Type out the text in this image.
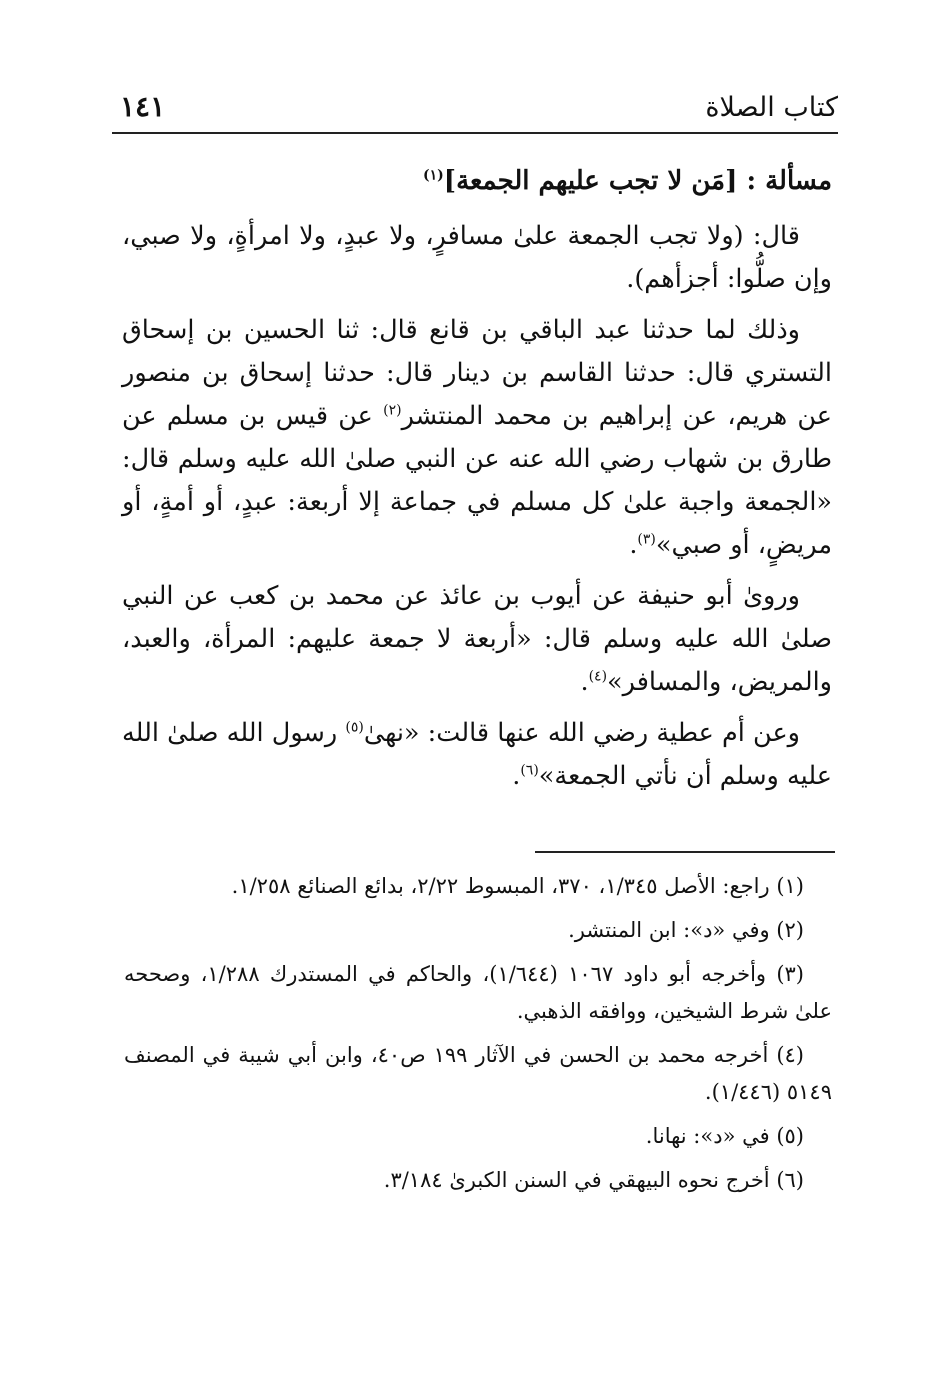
كتاب الصلاة
١٤١

مسألة : [مَن لا تجب عليهم الجمعة]$^{(١)}$

قال: (ولا تجب الجمعة علىٰ مسافرٍ، ولا عبدٍ، ولا امرأةٍ، ولا صبي، وإن صلُّوا: أجزأهم).

وذلك لما حدثنا عبد الباقي بن قانع قال: ثنا الحسين بن إسحاق التستري قال: حدثنا القاسم بن دينار قال: حدثنا إسحاق بن منصور عن هريم، عن إبراهيم بن محمد المنتشر$^{(٢)}$ عن قيس بن مسلم عن طارق بن شهاب رضي الله عنه عن النبي صلىٰ الله عليه وسلم قال: «الجمعة واجبة علىٰ كل مسلم في جماعة إلا أربعة: عبدٍ، أو أمةٍ، أو مريضٍ، أو صبي»$^{(٣)}$.

وروىٰ أبو حنيفة عن أيوب بن عائذ عن محمد بن كعب عن النبي صلىٰ الله عليه وسلم قال: «أربعة لا جمعة عليهم: المرأة، والعبد، والمريض، والمسافر»$^{(٤)}$.

وعن أم عطية رضي الله عنها قالت: «نهىٰ$^{(٥)}$ رسول الله صلىٰ الله عليه وسلم أن نأتي الجمعة»$^{(٦)}$.

(١) راجع: الأصل ١/٣٤٥، ٣٧٠، المبسوط ٢/٢٢، بدائع الصنائع ١/٢٥٨.

(٢) وفي «د»: ابن المنتشر.

(٣) وأخرجه أبو داود ١٠٦٧ (١/٦٤٤)، والحاكم في المستدرك ١/٢٨٨، وصححه علىٰ شرط الشيخين، ووافقه الذهبي.

(٤) أخرجه محمد بن الحسن في الآثار ١٩٩ ص٤٠، وابن أبي شيبة في المصنف ٥١٤٩ (١/٤٤٦).

(٥) في «د»: نهانا.

(٦) أخرج نحوه البيهقي في السنن الكبرىٰ ٣/١٨٤.
